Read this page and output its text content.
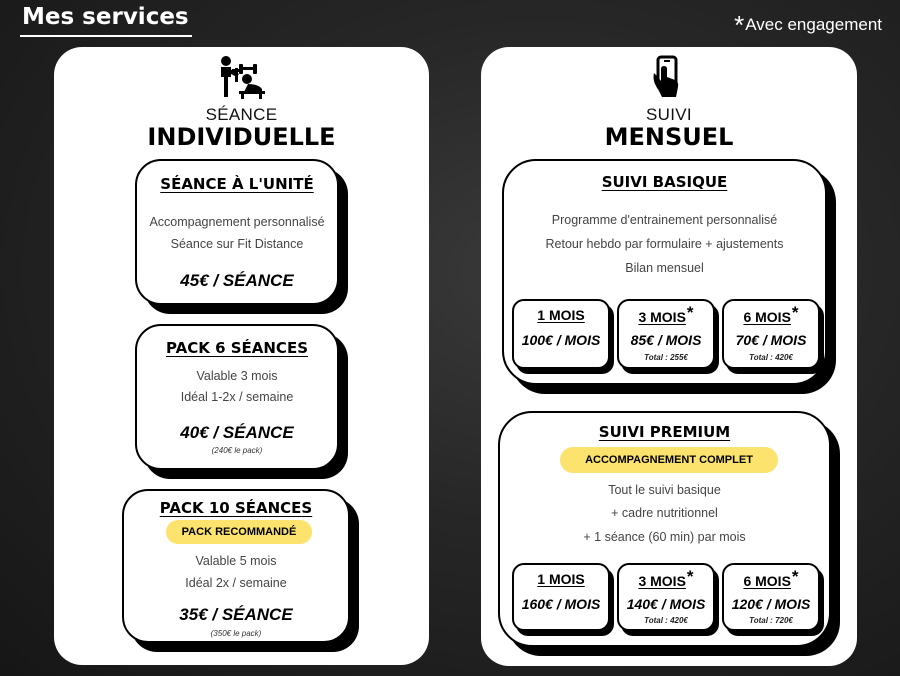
Mes services	*Avec engagement
SÉANCE
INDIVIDUELLE
SÉANCE À L'UNITÉ
Accompagnement personnalisé
Séance sur Fit Distance
45€ / SÉANCE
PACK 6 SÉANCES
Valable 3 mois
Idéal 1-2x / semaine
40€ / SÉANCE
(240€ le pack)
PACK 10 SÉANCES
PACK RECOMMANDÉ
Valable 5 mois
Idéal 2x / semaine
35€ / SÉANCE
(350€ le pack)
SUIVI
MENSUEL
SUIVI BASIQUE
Programme d'entrainement personnalisé
Retour hebdo par formulaire + ajustements
Bilan mensuel
1 MOIS
100€ / MOIS
3 MOIS*
85€ / MOIS
Total : 255€
6 MOIS*
70€ / MOIS
Total : 420€
SUIVI PREMIUM
ACCOMPAGNEMENT COMPLET
Tout le suivi basique
+ cadre nutritionnel
+ 1 séance (60 min) par mois
1 MOIS
160€ / MOIS
3 MOIS*
140€ / MOIS
Total : 420€
6 MOIS*
120€ / MOIS
Total : 720€
